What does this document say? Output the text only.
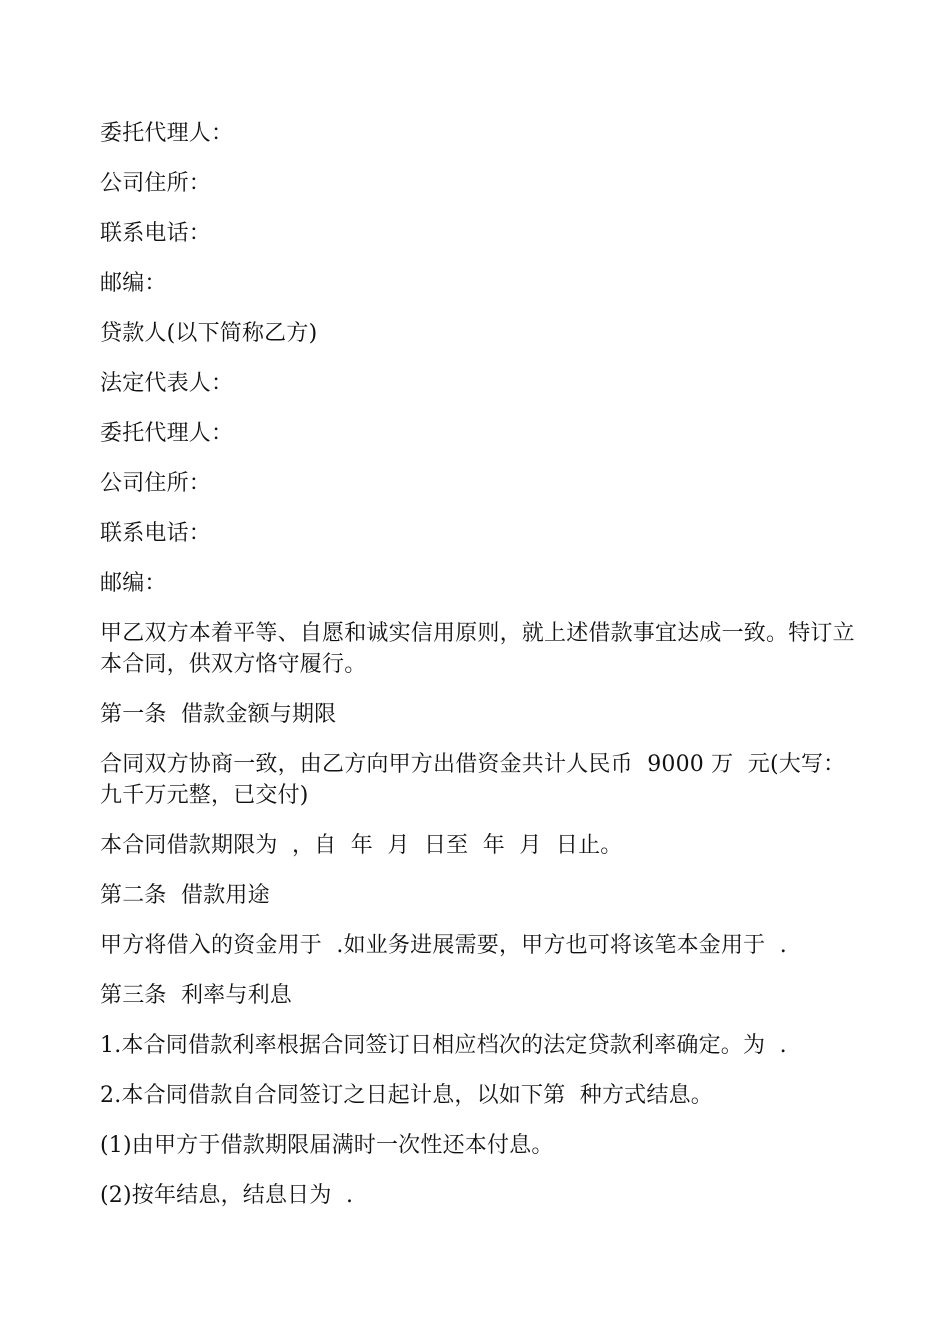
委托代理人：

公司住所：

联系电话：

邮编：

贷款人(以下简称乙方)

法定代表人：

委托代理人：

公司住所：

联系电话：

邮编：

甲乙双方本着平等、自愿和诚实信用原则，就上述借款事宜达成一致。特订立本合同，供双方恪守履行。

第一条  借款金额与期限

合同双方协商一致，由乙方向甲方出借资金共计人民币  9000 万  元(大写：九千万元整，已交付)

本合同借款期限为  ，自  年  月  日至  年  月  日止。

第二条  借款用途

甲方将借入的资金用于  .如业务进展需要，甲方也可将该笔本金用于  .

第三条  利率与利息

1.本合同借款利率根据合同签订日相应档次的法定贷款利率确定。为  .

2.本合同借款自合同签订之日起计息，以如下第  种方式结息。

(1)由甲方于借款期限届满时一次性还本付息。

(2)按年结息，结息日为  .
